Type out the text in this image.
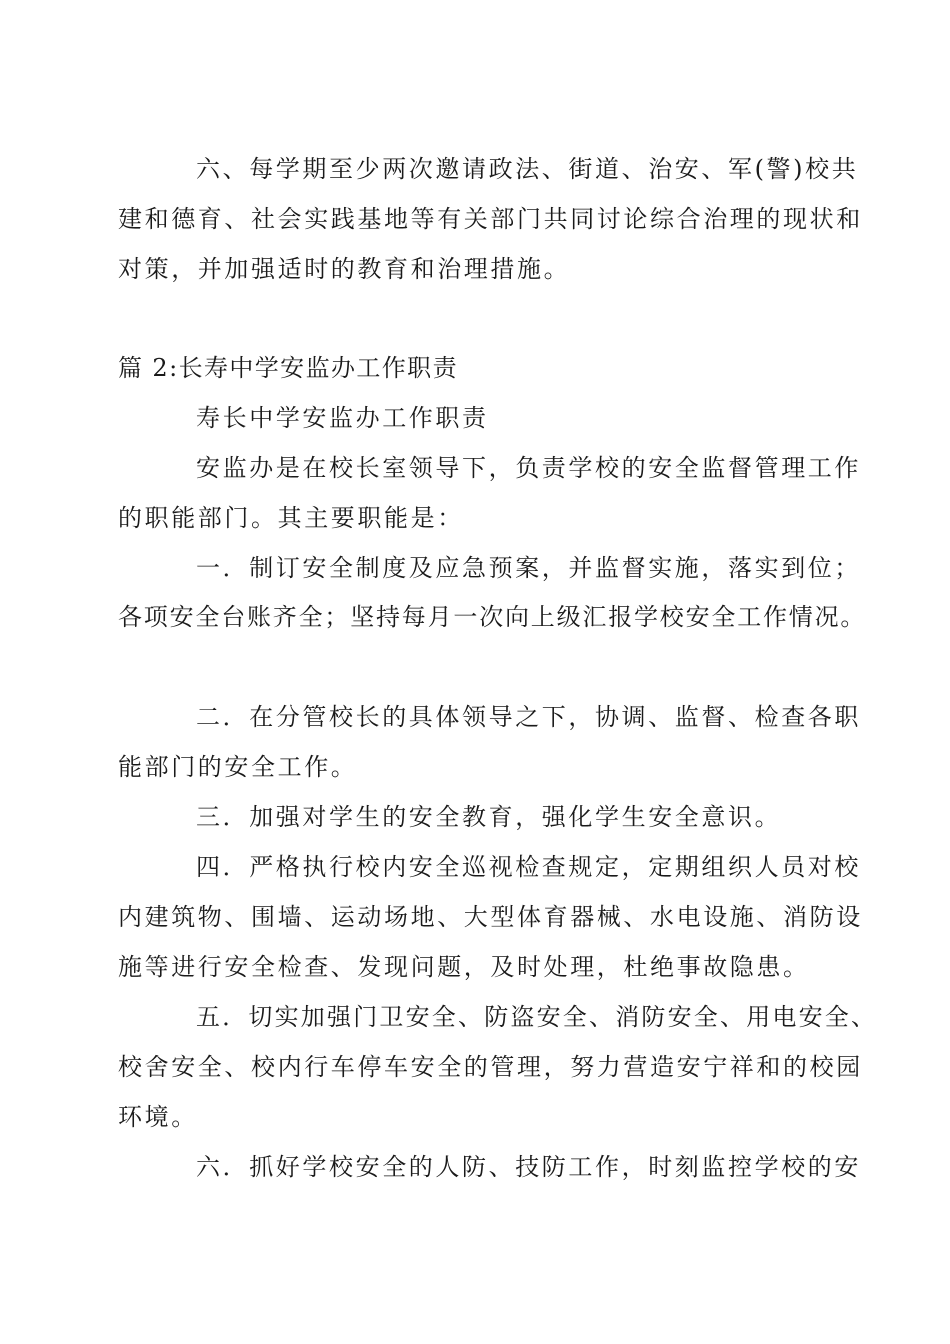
六、每学期至少两次邀请政法、街道、治安、军(警)校共
建和德育、社会实践基地等有关部门共同讨论综合治理的现状和
对策，并加强适时的教育和治理措施。
篇 2:长寿中学安监办工作职责
寿长中学安监办工作职责
安监办是在校长室领导下，负责学校的安全监督管理工作
的职能部门。其主要职能是：
一．制订安全制度及应急预案，并监督实施，落实到位；
各项安全台账齐全；坚持每月一次向上级汇报学校安全工作情况。
二．在分管校长的具体领导之下，协调、监督、检查各职
能部门的安全工作。
三．加强对学生的安全教育，强化学生安全意识。
四．严格执行校内安全巡视检查规定，定期组织人员对校
内建筑物、围墙、运动场地、大型体育器械、水电设施、消防设
施等进行安全检查、发现问题，及时处理，杜绝事故隐患。
五．切实加强门卫安全、防盗安全、消防安全、用电安全、
校舍安全、校内行车停车安全的管理，努力营造安宁祥和的校园
环境。
六．抓好学校安全的人防、技防工作，时刻监控学校的安
